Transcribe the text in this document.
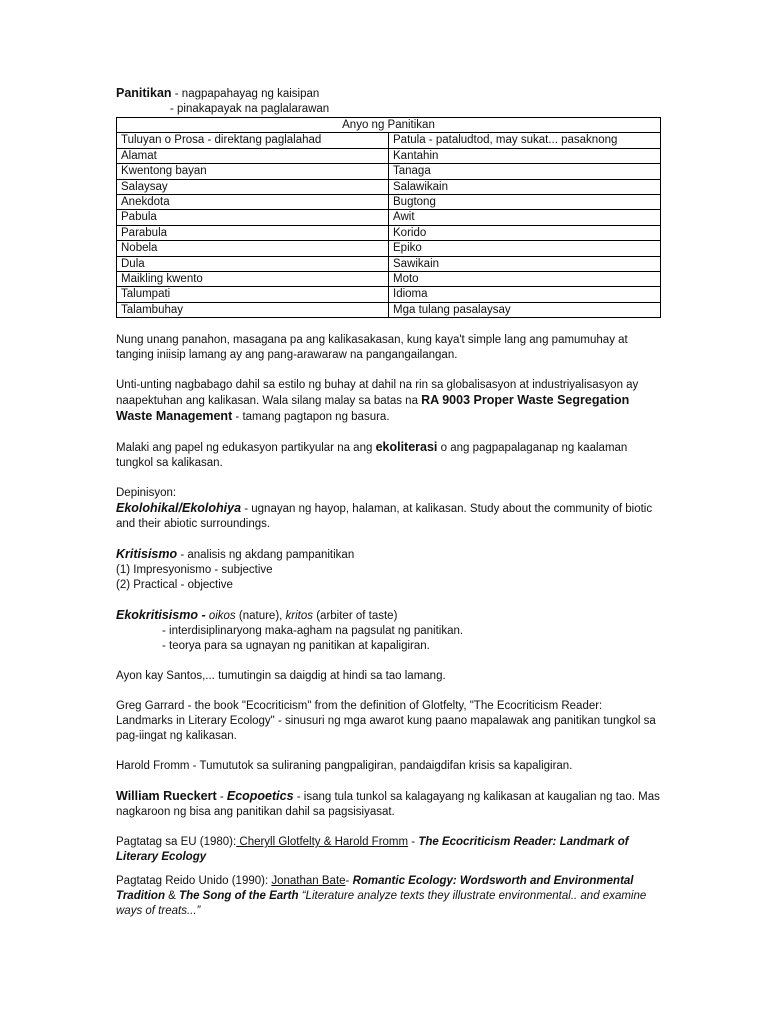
Panitikan - nagpapahayag ng kaisipan
- pinakapayak na paglalarawan
Anyo ng Panitikan	
Tuluyan o Prosa - direktang paglalahad	Patula - pataludtod, may sukat... pasaknong
Alamat	Kantahin
Kwentong bayan	Tanaga
Salaysay	Salawikain
Anekdota	Bugtong
Pabula	Awit
Parabula	Korido
Nobela	Epiko
Dula	Sawikain
Maikling kwento	Moto
Talumpati	Idioma
Talambuhay	Mga tulang pasalaysay
Nung unang panahon, masagana pa ang kalikasakasan, kung kaya't simple lang ang pamumuhay at tanging iniisip lamang ay ang pang-arawaraw na pangangailangan.
Unti-unting nagbabago dahil sa estilo ng buhay at dahil na rin sa globalisasyon at industriyalisasyon ay naapektuhan ang kalikasan. Wala silang malay sa batas na RA 9003 Proper Waste Segregation Waste Management - tamang pagtapon ng basura.
Malaki ang papel ng edukasyon partikyular na ang ekoliterasi o ang pagpapalaganap ng kaalaman tungkol sa kalikasan.
Depinisyon:
Ekolohikal/Ekolohiya - ugnayan ng hayop, halaman, at kalikasan. Study about the community of biotic and their abiotic surroundings.
Kritisismo - analisis ng akdang pampanitikan
(1) Impresyonismo - subjective
(2) Practical - objective
Ekokritisismo - oikos (nature), kritos (arbiter of taste)
- interdisiplinaryong maka-agham na pagsulat ng panitikan.
- teorya para sa ugnayan ng panitikan at kapaligiran.
Ayon kay Santos,... tumutingin sa daigdig at hindi sa tao lamang.
Greg Garrard - the book "Ecocriticism" from the definition of Glotfelty, "The Ecocriticism Reader: Landmarks in Literary Ecology" - sinusuri ng mga awarot kung paano mapalawak ang panitikan tungkol sa pag-iingat ng kalikasan.
Harold Fromm - Tumututok sa suliraning pangpaligiran, pandaigdifan krisis sa kapaligiran.
William Rueckert - Ecopoetics - isang tula tunkol sa kalagayang ng kalikasan at kaugalian ng tao. Mas nagkaroon ng bisa ang panitikan dahil sa pagsisiyasat.
Pagtatag sa EU (1980): Cheryll Glotfelty & Harold Fromm - The Ecocriticism Reader: Landmark of Literary Ecology
Pagtatag Reido Unido (1990): Jonathan Bate- Romantic Ecology: Wordsworth and Environmental Tradition & The Song of the Earth “Literature analyze texts they illustrate environmental.. and examine ways of treats...”
